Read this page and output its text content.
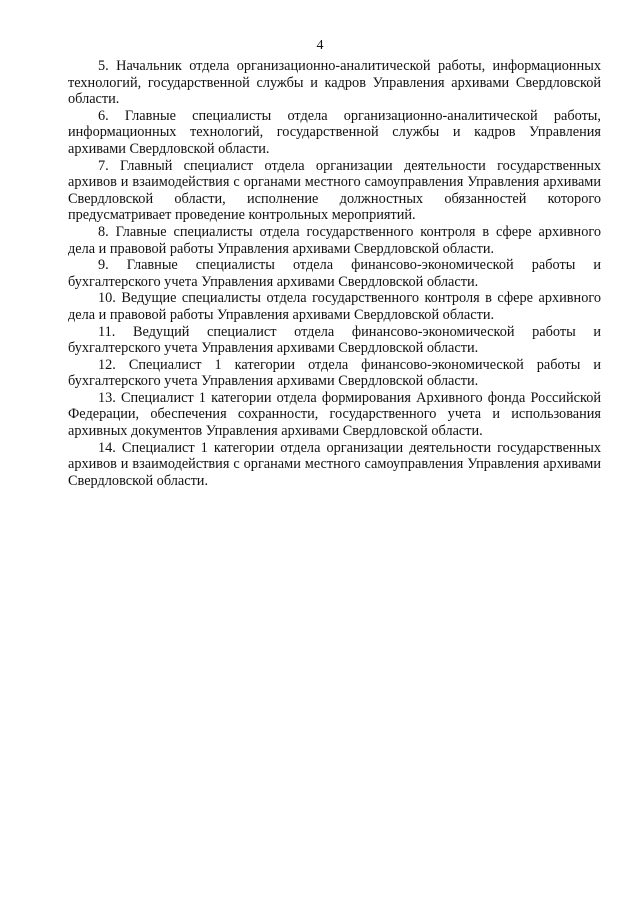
4

5. Начальник отдела организационно-аналитической работы, информационных технологий, государственной службы и кадров Управления архивами Свердловской области.

6. Главные специалисты отдела организационно-аналитической работы, информационных технологий, государственной службы и кадров Управления архивами Свердловской области.

7. Главный специалист отдела организации деятельности государственных архивов и взаимодействия с органами местного самоуправления Управления архивами Свердловской области, исполнение должностных обязанностей которого предусматривает проведение контрольных мероприятий.

8. Главные специалисты отдела государственного контроля в сфере архивного дела и правовой работы Управления архивами Свердловской области.

9. Главные специалисты отдела финансово-экономической работы и бухгалтерского учета Управления архивами Свердловской области.

10. Ведущие специалисты отдела государственного контроля в сфере архивного дела и правовой работы Управления архивами Свердловской области.

11. Ведущий специалист отдела финансово-экономической работы и бухгалтерского учета Управления архивами Свердловской области.

12. Специалист 1 категории отдела финансово-экономической работы и бухгалтерского учета Управления архивами Свердловской области.

13. Специалист 1 категории отдела формирования Архивного фонда Российской Федерации, обеспечения сохранности, государственного учета и использования архивных документов Управления архивами Свердловской области.

14. Специалист 1 категории отдела организации деятельности государственных архивов и взаимодействия с органами местного самоуправления Управления архивами Свердловской области.
